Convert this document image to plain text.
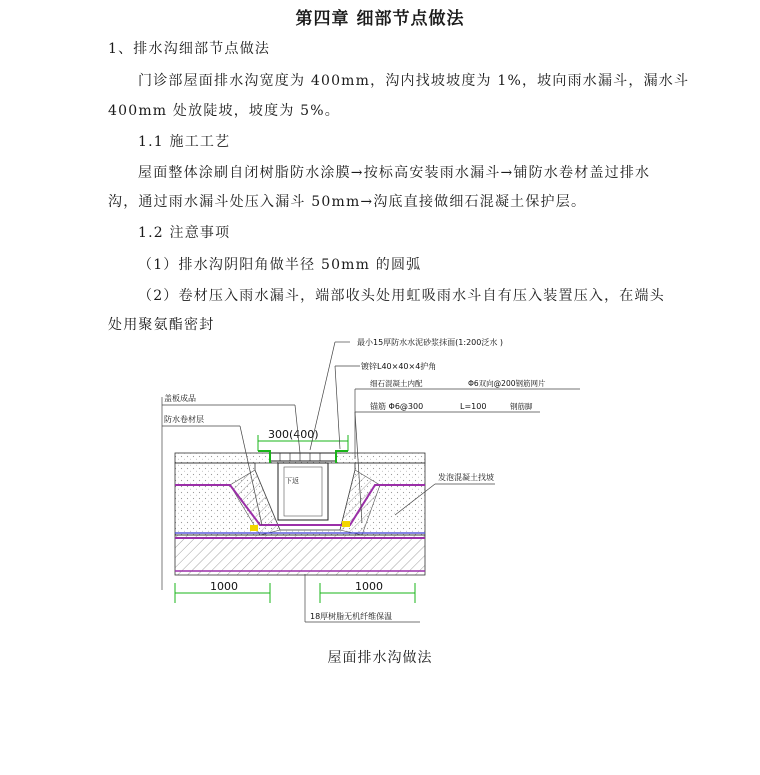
第四章 细部节点做法
1、排水沟细部节点做法
门诊部屋面排水沟宽度为 400mm，沟内找坡坡度为 1%，坡向雨水漏斗，漏水斗
400mm 处放陡坡，坡度为 5%。
1.1 施工工艺
屋面整体涂刷自闭树脂防水涂膜→按标高安装雨水漏斗→铺防水卷材盖过排水
沟，通过雨水漏斗处压入漏斗 50mm→沟底直接做细石混凝土保护层。
1.2 注意事项
（1）排水沟阴阳角做半径 50mm 的圆弧
（2）卷材压入雨水漏斗，端部收头处用虹吸雨水斗自有压入装置压入，在端头
处用聚氨酯密封
下返
300(400)
最小15厚防水水泥砂浆抹面(1:200泛水 )
镀锌L40×40×4护角
细石混凝土内配	Φ6双向@200钢筋网片
锚筋 Φ6@300	L=100	钢筋脚
盖板成品
防水卷材层
发泡混凝土找坡
1000	1000
18厚树脂无机纤维保温
屋面排水沟做法
